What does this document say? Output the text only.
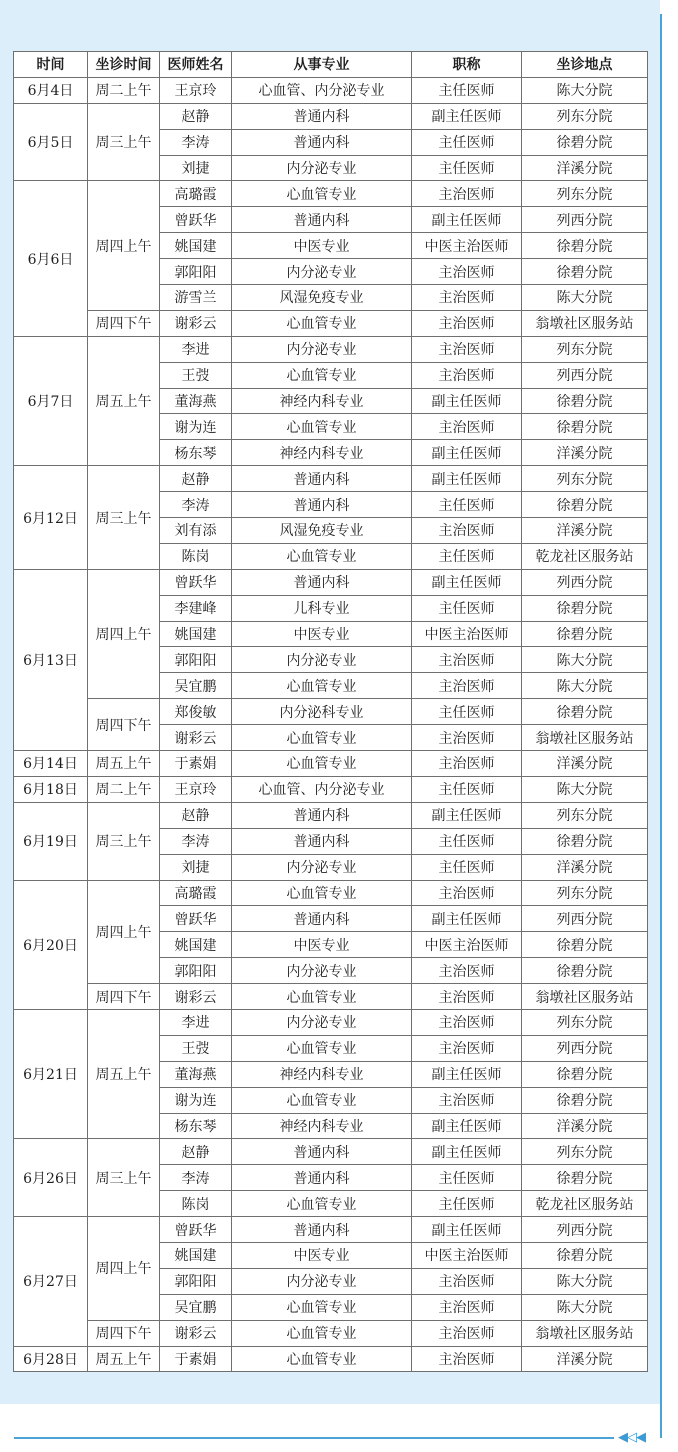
◀◁◀
时间	坐诊时间	医师姓名	从事专业	职称	坐诊地点
6月4日	周二上午	王京玲	心血管、内分泌专业	主任医师	陈大分院
6月5日	周三上午	赵静	普通内科	副主任医师	列东分院
		李涛	普通内科	主任医师	徐碧分院
		刘捷	内分泌专业	主任医师	洋溪分院
6月6日	周四上午	高璐霞	心血管专业	主治医师	列东分院
		曾跃华	普通内科	副主任医师	列西分院
		姚国建	中医专业	中医主治医师	徐碧分院
		郭阳阳	内分泌专业	主治医师	徐碧分院
		游雪兰	风湿免疫专业	主治医师	陈大分院
	周四下午	谢彩云	心血管专业	主治医师	翁墩社区服务站
6月7日	周五上午	李进	内分泌专业	主治医师	列东分院
		王弢	心血管专业	主治医师	列西分院
		董海燕	神经内科专业	副主任医师	徐碧分院
		谢为连	心血管专业	主治医师	徐碧分院
		杨东琴	神经内科专业	副主任医师	洋溪分院
6月12日	周三上午	赵静	普通内科	副主任医师	列东分院
		李涛	普通内科	主任医师	徐碧分院
		刘有添	风湿免疫专业	主治医师	洋溪分院
		陈岗	心血管专业	主任医师	乾龙社区服务站
6月13日	周四上午	曾跃华	普通内科	副主任医师	列西分院
		李建峰	儿科专业	主任医师	徐碧分院
		姚国建	中医专业	中医主治医师	徐碧分院
		郭阳阳	内分泌专业	主治医师	陈大分院
		吴宜鹏	心血管专业	主治医师	陈大分院
	周四下午	郑俊敏	内分泌科专业	主任医师	徐碧分院
		谢彩云	心血管专业	主治医师	翁墩社区服务站
6月14日	周五上午	于素娟	心血管专业	主治医师	洋溪分院
6月18日	周二上午	王京玲	心血管、内分泌专业	主任医师	陈大分院
6月19日	周三上午	赵静	普通内科	副主任医师	列东分院
		李涛	普通内科	主任医师	徐碧分院
		刘捷	内分泌专业	主任医师	洋溪分院
6月20日	周四上午	高璐霞	心血管专业	主治医师	列东分院
		曾跃华	普通内科	副主任医师	列西分院
		姚国建	中医专业	中医主治医师	徐碧分院
		郭阳阳	内分泌专业	主治医师	徐碧分院
	周四下午	谢彩云	心血管专业	主治医师	翁墩社区服务站
6月21日	周五上午	李进	内分泌专业	主治医师	列东分院
		王弢	心血管专业	主治医师	列西分院
		董海燕	神经内科专业	副主任医师	徐碧分院
		谢为连	心血管专业	主治医师	徐碧分院
		杨东琴	神经内科专业	副主任医师	洋溪分院
6月26日	周三上午	赵静	普通内科	副主任医师	列东分院
		李涛	普通内科	主任医师	徐碧分院
		陈岗	心血管专业	主任医师	乾龙社区服务站
6月27日	周四上午	曾跃华	普通内科	副主任医师	列西分院
		姚国建	中医专业	中医主治医师	徐碧分院
		郭阳阳	内分泌专业	主治医师	陈大分院
		吴宜鹏	心血管专业	主治医师	陈大分院
	周四下午	谢彩云	心血管专业	主治医师	翁墩社区服务站
6月28日	周五上午	于素娟	心血管专业	主治医师	洋溪分院
